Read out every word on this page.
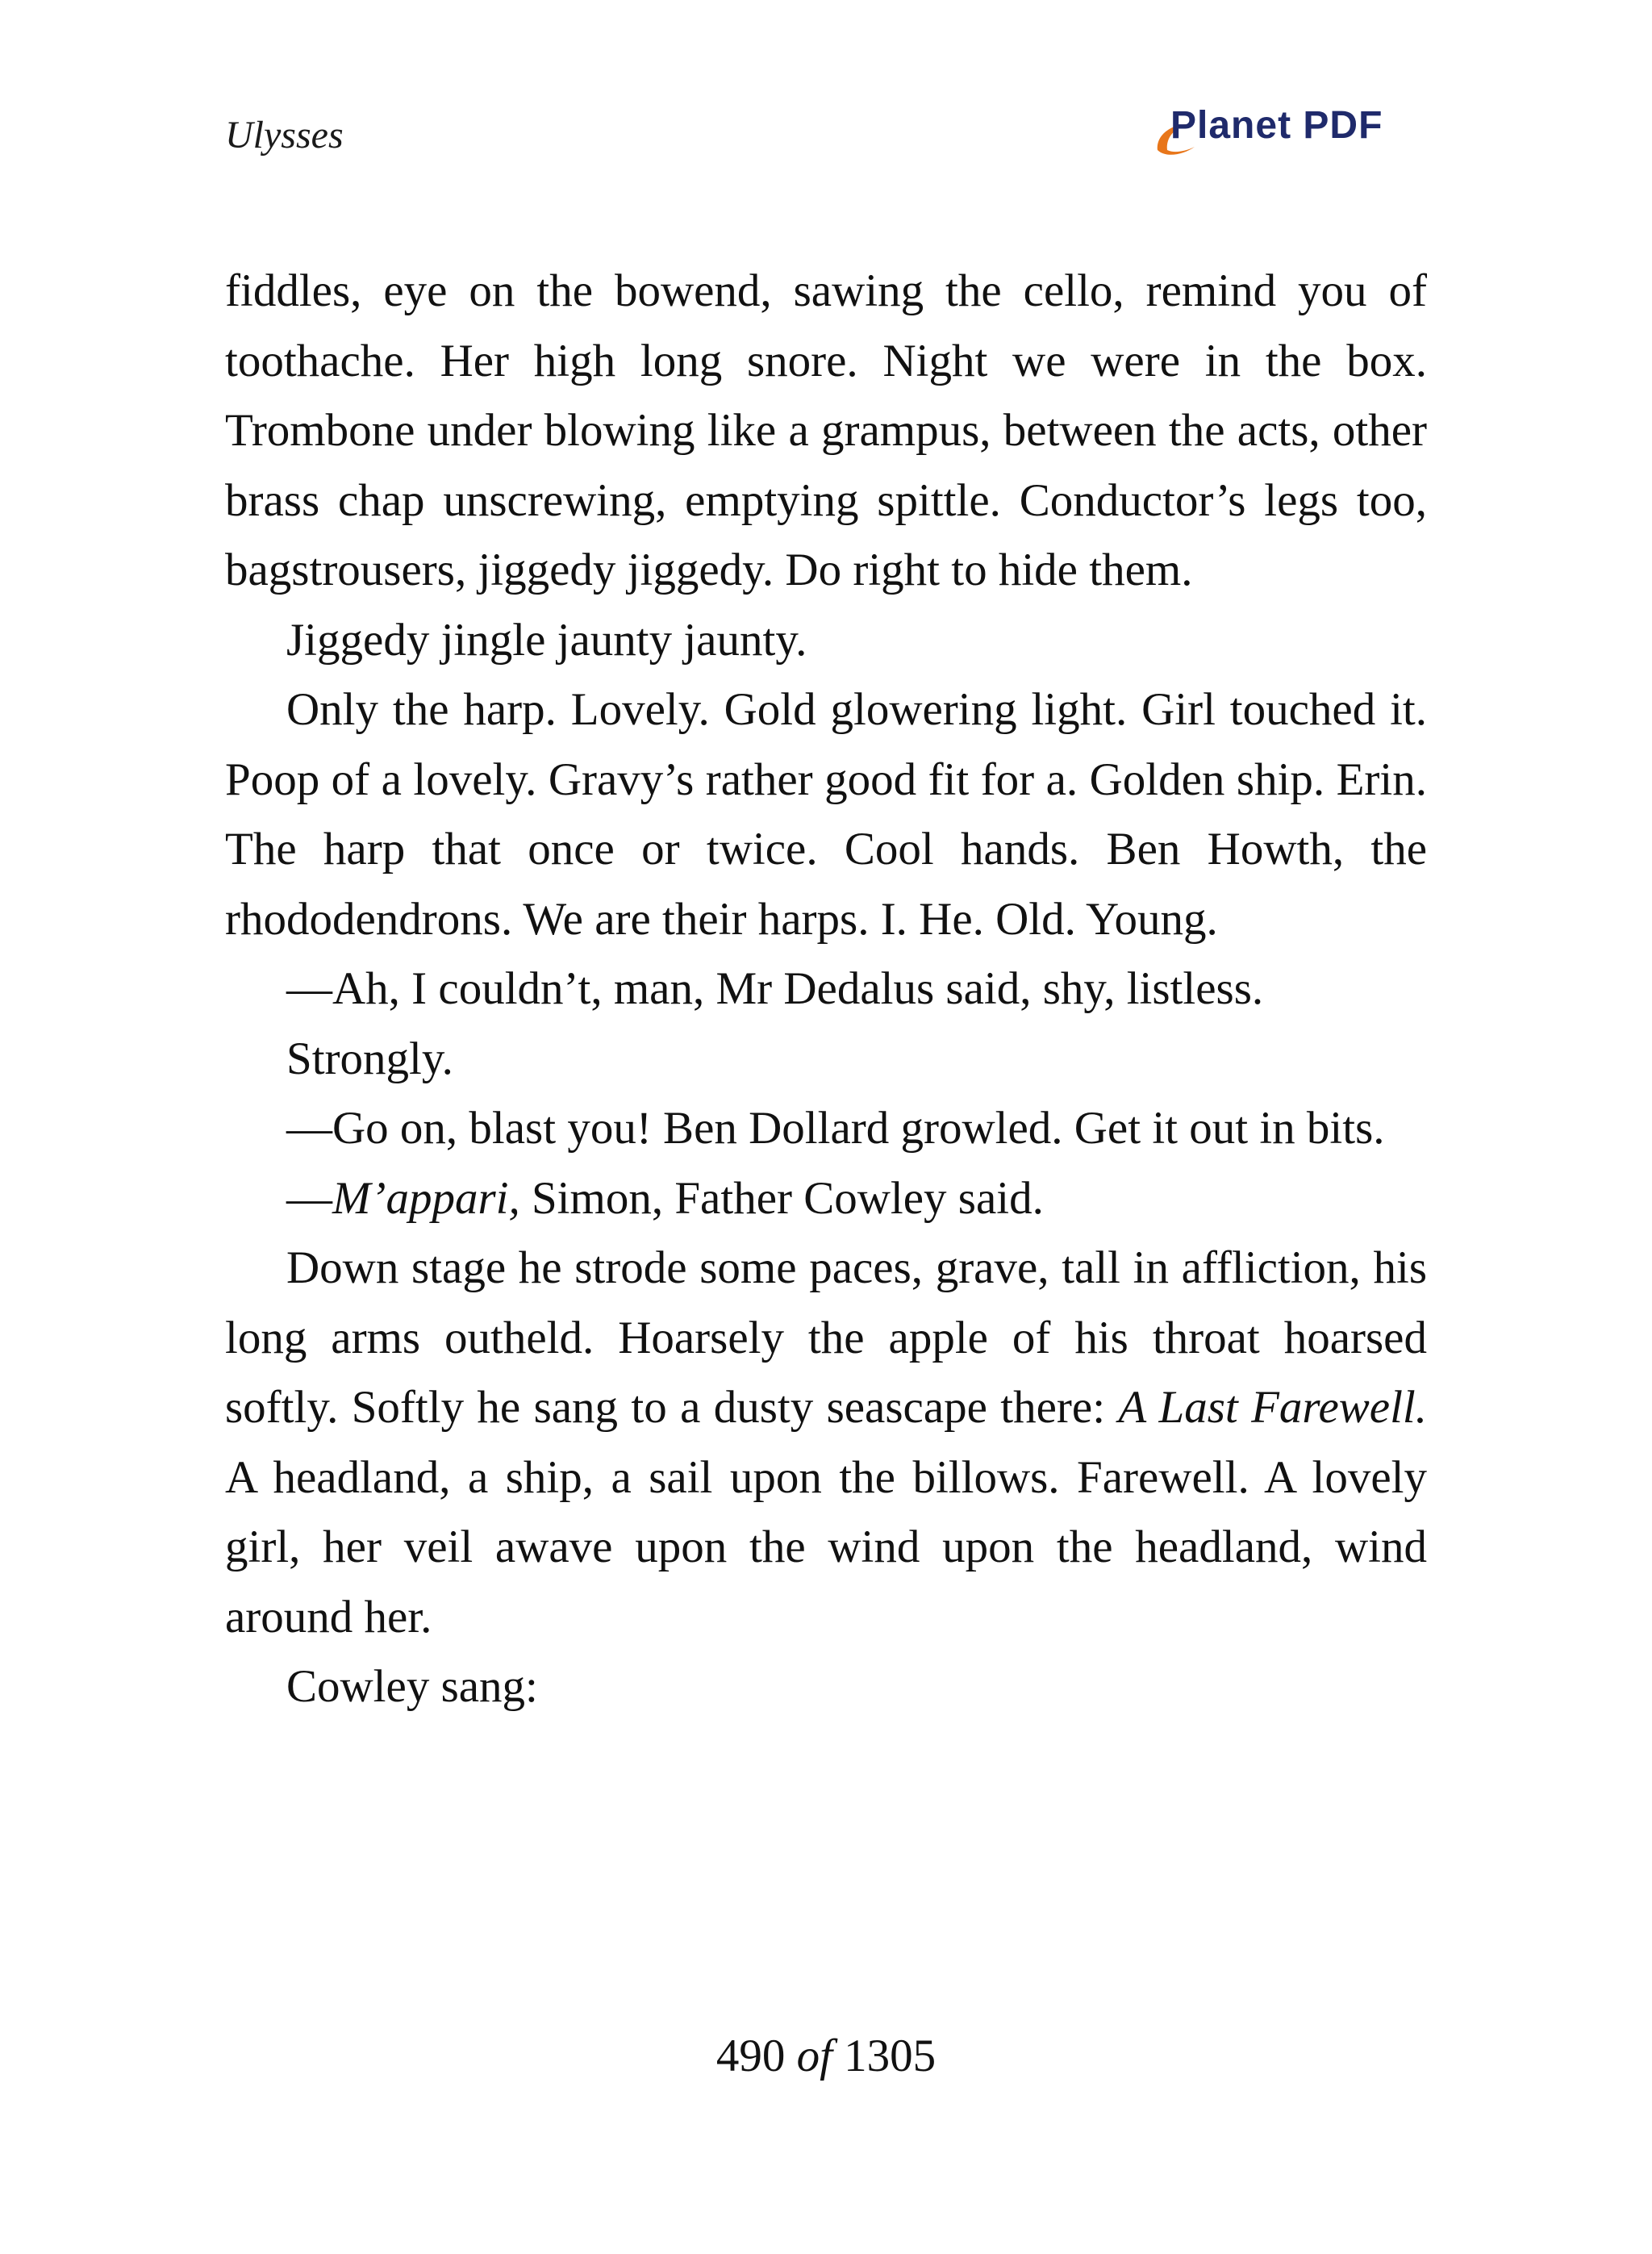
Ulysses	Planet PDF

fiddles, eye on the bowend, sawing the cello, remind you of toothache. Her high long snore. Night we were in the box. Trombone under blowing like a grampus, between the acts, other brass chap unscrewing, emptying spittle. Conductor’s legs too, bagstrousers, jiggedy jiggedy. Do right to hide them.

Jiggedy jingle jaunty jaunty.

Only the harp. Lovely. Gold glowering light. Girl touched it. Poop of a lovely. Gravy’s rather good fit for a. Golden ship. Erin. The harp that once or twice. Cool hands. Ben Howth, the rhododendrons. We are their harps. I. He. Old. Young.

—Ah, I couldn’t, man, Mr Dedalus said, shy, listless.

Strongly.

—Go on, blast you! Ben Dollard growled. Get it out in bits.

—M’appari, Simon, Father Cowley said.

Down stage he strode some paces, grave, tall in affliction, his long arms outheld. Hoarsely the apple of his throat hoarsed softly. Softly he sang to a dusty seascape there: A Last Farewell. A headland, a ship, a sail upon the billows. Farewell. A lovely girl, her veil awave upon the wind upon the headland, wind around her.

Cowley sang:

490 of 1305
